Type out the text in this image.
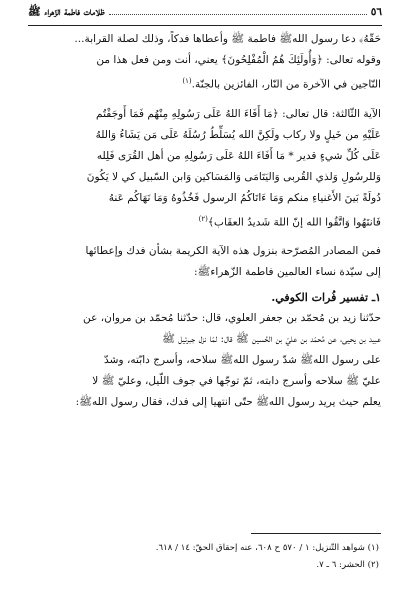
٥٦
ظلامات فاطمة الزّهراء ﷺ

حَقّهُ﴾ دعا رسول اللهﷺ فاطمة ﷺ وأعطاها فدكاً، وذلك لصلة القرابة...

وقوله تعالى: ﴿وَأُولَئِكَ هُمُ الْمُفْلِحُونَ﴾ يعني، أنت ومن فعل هذا من

النّاجين في الآخرة من النّار، الفائزين بالجنّة.$^{(١)}$

الآية الثّالثة: قال تعالى: ﴿مَا أَفَاءَ اللهُ عَلَى رَسُولِهِ مِنْهُم فَمَا أَوجَفْتُم

عَلَيْهِ من خَيلٍ ولا ركاب ولَكِنَّ الله يُسَلِّطُ رُسُلَهُ عَلَى مَن يَشَاءُ وَاللهُ

عَلَى كُلِّ شيءٍ قدير * مَا أَفَاءَ اللهُ عَلَى رَسُولِهِ من أهل القُرَى فَلِله

وَللرسُولِ وَلذي القُربى وَاليَتَامَى وَالمَسَاكين وَابن السّبيل كي لا يَكُونَ

دُولَةً بَينَ الأَغنياءِ منكم وَمَا ءَاتَاكُمُ الرسول فَخُذُوهُ وَمَا نَهَاكُم عَنهُ

فَانتَهُوا وَاتَّقُوا الله إنّ اللهَ شَديدُ العقَاب﴾$^{(٢)}$

فمن المصادر المُصرّحة بنزول هذه الآية الكريمة بشأن فدك وإعطائها

إلى سيّدة نساء العالمين فاطمة الزّهراءﷺ:

١ـ تفسير فُرات الكوفي.

حدّثنا زيد بن مُحمّد بن جعفر العلوي، قال: حدّثنا مُحمّد بن مروان، عن

عبيد بن يحيى، عن مُحمّد بن عليّ بن الحُسين ﷺ قال: لمّا نزل جبرئيل ﷺ

على رسول اللهﷺ شدّ رسول اللهﷺ سلاحه، وأسرج دابّته، وشدّ

عليّ ﷺ سلاحه وأسرج دابته، ثمّ توجّها في جوف اللّيل، وعليّ ﷺ لا

يعلم حيث يريد رسول اللهﷺ حتّى انتهيا إلى فدك، فقال رسول اللهﷺ:

(١) شواهد التّنزيل: ١ / ٥٧٠ ح ٦٠٨، عنه إحقاق الحقّ: ١٤ / ٦١٨.

(٢) الحشر: ٦ ـ ٧.
